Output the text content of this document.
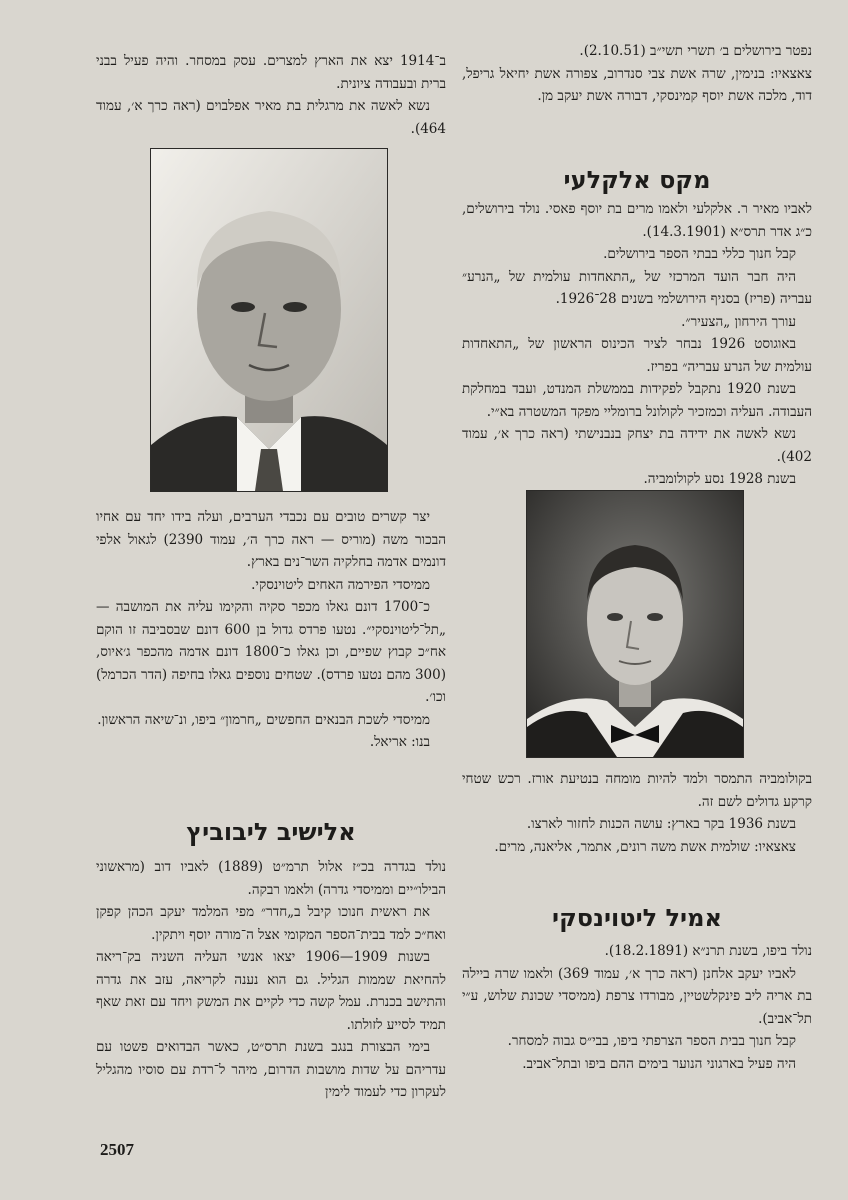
נפטר בירושלים ב׳ תשרי תשי״ב (2.10.51).

צאצאיו: בנימין, שרה אשת צבי סנדרוב, צפורה אשת יחיאל גריפל, דוד, מלכה אשת יוסף קמינסקי, דבורה אשת יעקב מן.

מקס אלקלעי

לאביו מאיר ר. אלקלעי ולאמו מרים בת יוסף פאסי. נולד בירושלים, כ״ג אדר תרס״א (14.3.1901).

קבל חנוך כללי בבתי הספר בירושלים.

היה חבר הועד המרכזי של „התאחדות עולמית של „הנרע״ עבריה (פריז) בסניף הירושלמי בשנים 28־1926.

עורך הירחון „הצעיר״.

באוגוסט 1926 נבחר לציר הכינוס הראשון של „התאחדות עולמית של הנרע עבריה״ בפריז.

בשנת 1920 נתקבל לפקידות בממשלת המנדט, ועבד במחלקת העבודה. העליה וכמזכיר לקולונל ברומליי מפקד המשטרה בא״י.

נשא לאשה את ידידה בת יצחק בנבנישתי (ראה כרך א׳, עמוד 402).

בשנת 1928 נסע לקולומביה.

בקולומביה התמסר ולמד להיות מומחה בנטיעת אורז. רכש שטחי קרקע גדולים לשם זה.

בשנת 1936 בקר בארץ: עושה הכנות לחזור לארצו.

צאצאיו: שולמית אשת משה רונים, אתמר, אליאנה, מרים.

אמיל ליטוינסקי

נולד ביפו, בשנת תרנ״א (18.2.1891).

לאביו יעקב אלחנן (ראה כרך א׳, עמוד 369) ולאמו שרה ביילה בת אריה ליב פינקלשטיין, מבורדו צרפת (ממיסדי שכונת שלוש, ע״י תל־אביב).

קבל חנוך בבית הספר הצרפתי ביפו, בבי״ס גבוה למסחר.

היה פעיל בארגוני הנוער בימים ההם ביפו ובתל־אביב.

ב־1914 יצא את הארץ למצרים. עסק במסחר. והיה פעיל בבני ברית ובעבודה ציונית.

נשא לאשה את מרגלית בת מאיר אפלבוים (ראה כרך א׳, עמוד 464).

יצר קשרים טובים עם נכבדי הערבים, ועלה בידו יחד עם אחיו הבכור משה (מוריס — ראה כרך ה׳, עמוד 2390) לגאול אלפי דונמים אדמה בחלקיה השר־נים בארץ.

ממיסדי הפירמה האחים ליטוינסקי.

כ־1700 דונם גאלו מכפר סקיה והקימו עליה את המושבה — „תל־ליטוינסקי״. נטעו פרדס גדול בן 600 דונם שבסביבה זו הוקם אח״כ קבוץ שפיים, וכן גאלו כ־1800 דונם אדמה מהכפר ג׳איוס, (300 מהם נטעו פרדס). שטחים נוספים גאלו בחיפה (הדר הכרמל) וכו׳.

ממיסדי לשכת הבנאים החפשים „חרמון״ ביפו, ונ־שיאה הראשון.

בנו: אריאל.

אלישיב ליבוביץ

נולד בגדרה בכ״ז אלול תרמ״ט (1889) לאביו דוב (מראשוני הבילו״יים וממיסדי גדרה) ולאמו רבקה.

את ראשית חנוכו קיבל ב„חדר״ מפי המלמד יעקב הכהן קפקן ואח״כ למד בבית־הספר המקומי אצל ה־מורה יוסף ויתקין.

בשנות 1909—1906 יצאו אנשי העליה השניה בק־ריאה להחיאת שממות הגליל. גם הוא נענה לקריאה, עזב את גדרה והתישב בכנרת. עמל קשה כדי לקיים את המשק ויחד עם זאת שאף תמיד לסייע לזולתו.

בימי הבצורת בנגב בשנת תרס״ט, כאשר הבדואים פשטו עם עדריהם על שדות מושבות הדרום, מיהר ל־רדת עם סוסיו מהגליל לעקרון כדי לעמוד לימין

2507
